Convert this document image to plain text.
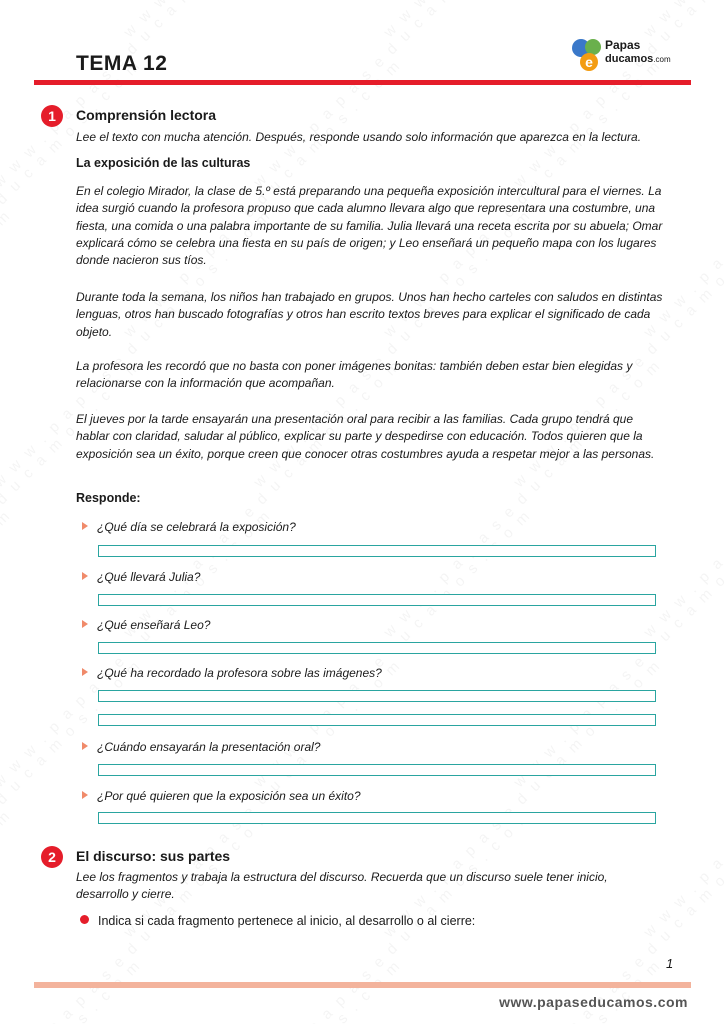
TEMA 12	e
Papas
ducamos.com
1	Comprensión lectora
Lee el texto con mucha atención. Después, responde usando solo información que aparezca en la lectura.
La exposición de las culturas
En el colegio Mirador, la clase de 5.º está preparando una pequeña exposición intercultural para el viernes. La idea surgió cuando la profesora propuso que cada alumno llevara algo que representara una costumbre, una fiesta, una comida o una palabra importante de su familia. Julia llevará una receta escrita por su abuela; Omar explicará cómo se celebra una fiesta en su país de origen; y Leo enseñará un pequeño mapa con los lugares donde nacieron sus tíos.
Durante toda la semana, los niños han trabajado en grupos. Unos han hecho carteles con saludos en distintas lenguas, otros han buscado fotografías y otros han escrito textos breves para explicar el significado de cada objeto.
La profesora les recordó que no basta con poner imágenes bonitas: también deben estar bien elegidas y relacionarse con la información que acompañan.
El jueves por la tarde ensayarán una presentación oral para recibir a las familias. Cada grupo tendrá que hablar con claridad, saludar al público, explicar su parte y despedirse con educación. Todos quieren que la exposición sea un éxito, porque creen que conocer otras costumbres ayuda a respetar mejor a las personas.
Responde:
¿Qué día se celebrará la exposición?
¿Qué llevará Julia?
¿Qué enseñará Leo?
¿Qué ha recordado la profesora sobre las imágenes?
¿Cuándo ensayarán la presentación oral?
¿Por qué quieren que la exposición sea un éxito?
2	El discurso: sus partes
Lee los fragmentos y trabaja la estructura del discurso. Recuerda que un discurso suele tener inicio, desarrollo y cierre.
Indica si cada fragmento pertenece al inicio, al desarrollo o al cierre:
1
www.papaseducamos.com
